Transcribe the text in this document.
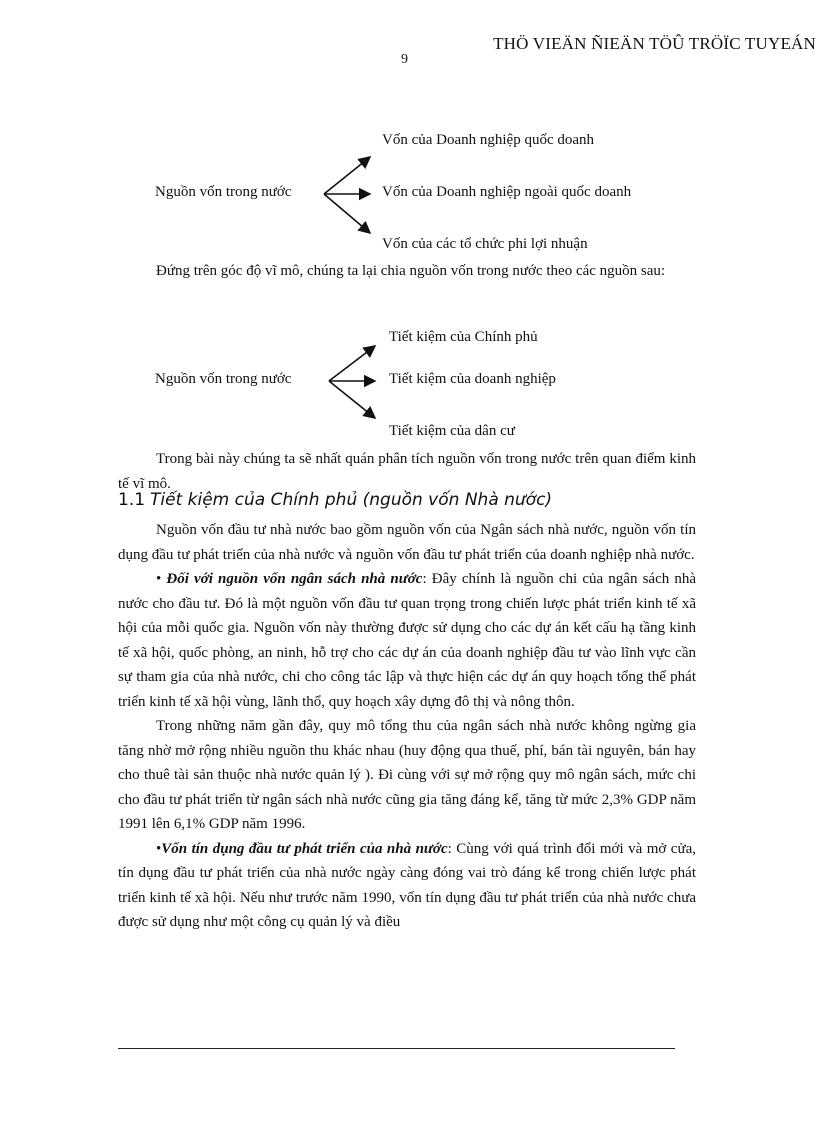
THÖ VIEÄN ÑIEÄN TÖÛ TRÖÏC TUYEÁN
9
Nguồn vốn trong nước
Vốn của Doanh nghiệp quốc doanh
Vốn của Doanh nghiệp ngoài quốc doanh
Vốn của các tổ chức phi lợi nhuận

Đứng trên góc độ vĩ mô, chúng ta lại chia nguồn vốn trong nước theo các nguồn sau:

Nguồn vốn trong nước
Tiết kiệm của Chính phủ
Tiết kiệm của doanh nghiệp
Tiết kiệm của dân cư

Trong bài này chúng ta sẽ nhất quán phân tích nguồn vốn trong nước trên quan điểm kinh tế vĩ mô.

1.1 Tiết kiệm của Chính phủ (nguồn vốn Nhà nước)

Nguồn vốn đầu tư nhà nước bao gồm nguồn vốn của Ngân sách nhà nước, nguồn vốn tín dụng đầu tư phát triển của nhà nước và nguồn vốn đầu tư phát triển của doanh nghiệp nhà nước.

• Đối với nguồn vốn ngân sách nhà nước: Đây chính là nguồn chi của ngân sách nhà nước cho đầu tư. Đó là một nguồn vốn đầu tư quan trọng trong chiến lược phát triển kinh tế xã hội của mỗi quốc gia. Nguồn vốn này thường được sử dụng cho các dự án kết cấu hạ tầng kinh tế xã hội, quốc phòng, an ninh, hỗ trợ cho các dự án của doanh nghiệp đầu tư vào lĩnh vực cần sự tham gia của nhà nước, chi cho công tác lập và thực hiện các dự án quy hoạch tổng thể phát triển kinh tế xã hội vùng, lãnh thổ, quy hoạch xây dựng đô thị và nông thôn.

Trong những năm gần đây, quy mô tổng thu của ngân sách nhà nước không ngừng gia tăng nhờ mở rộng nhiều nguồn thu khác nhau (huy động qua thuế, phí, bán tài nguyên, bán hay cho thuê tài sản thuộc nhà nước quản lý ). Đi cùng với sự mở rộng quy mô ngân sách, mức chi cho đầu tư phát triển từ ngân sách nhà nước cũng gia tăng đáng kể, tăng từ mức 2,3% GDP năm 1991 lên 6,1% GDP năm 1996.

•Vốn tín dụng đầu tư phát triển của nhà nước: Cùng với quá trình đổi mới và mở cửa, tín dụng đầu tư phát triển của nhà nước ngày càng đóng vai trò đáng kể trong chiến lược phát triển kinh tế xã hội. Nếu như trước năm 1990, vốn tín dụng đầu tư phát triển của nhà nước chưa được sử dụng như một công cụ quản lý và điều
